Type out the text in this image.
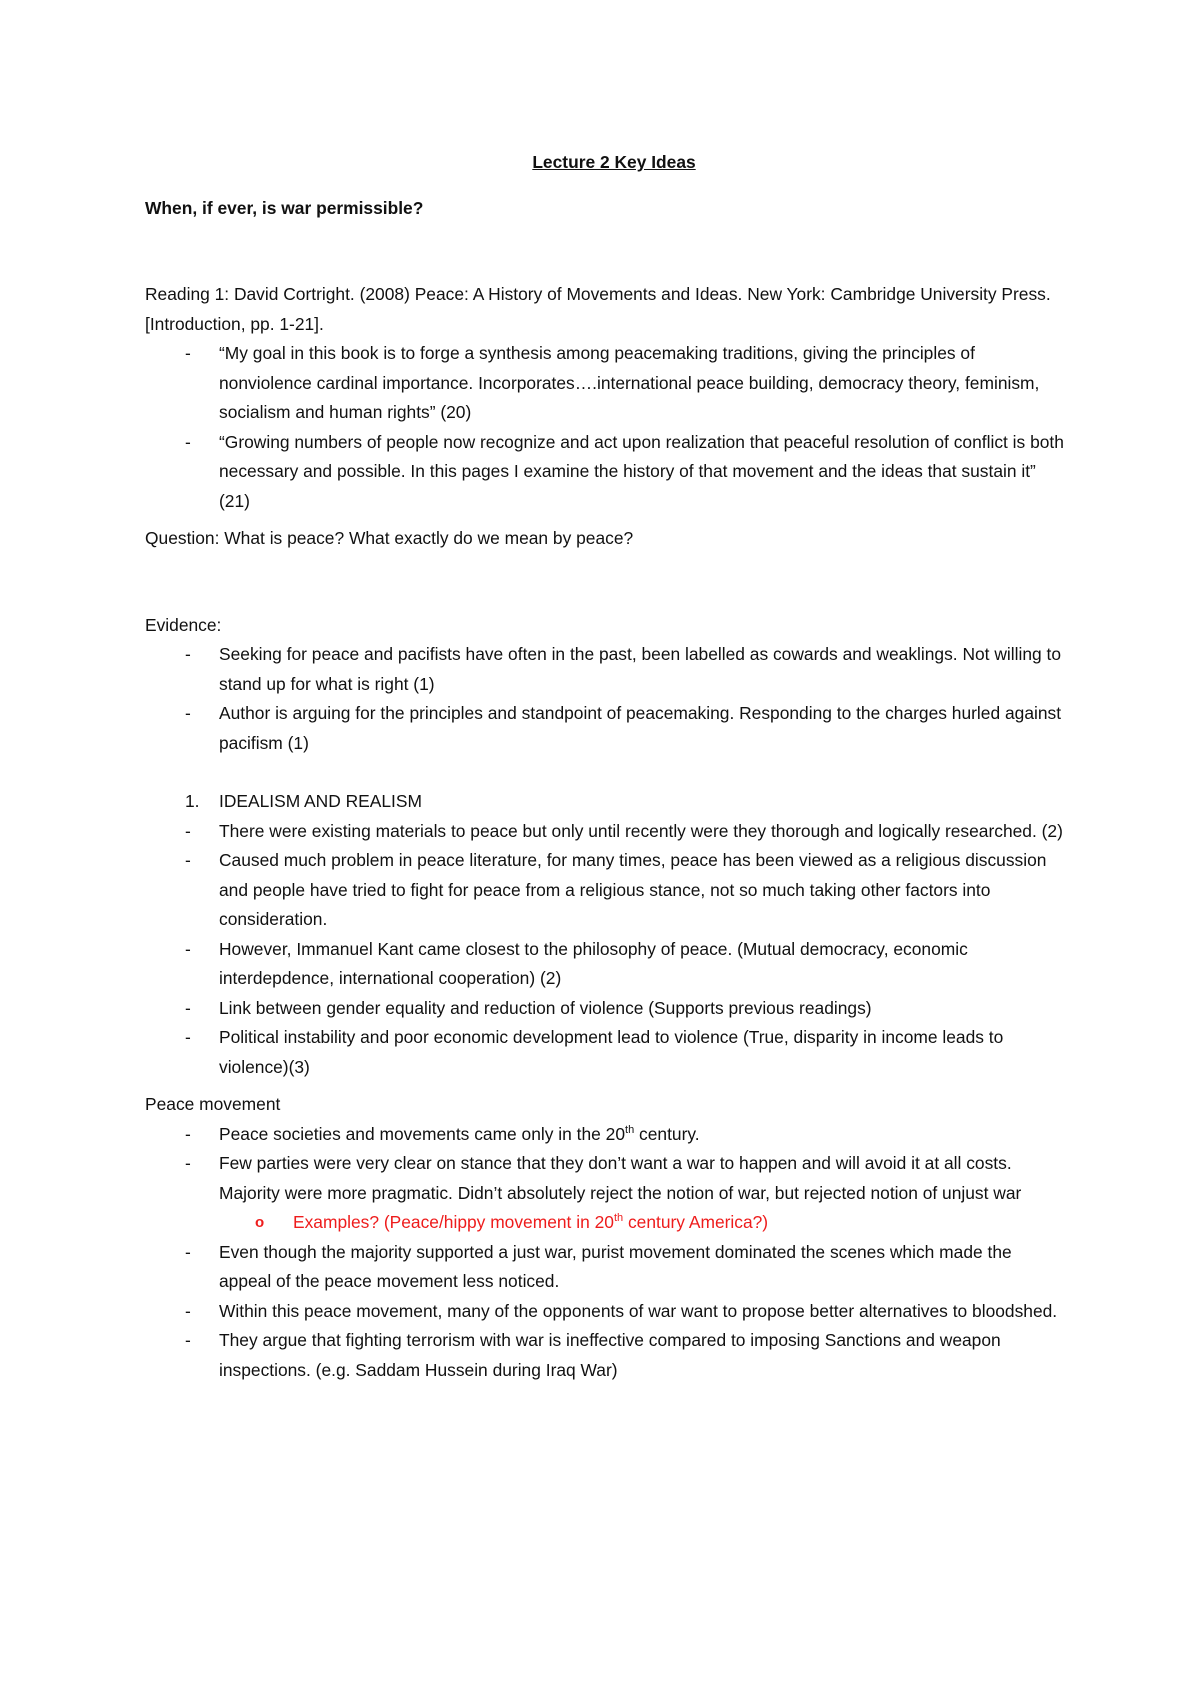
Lecture 2 Key Ideas

When, if ever, is war permissible?

Reading 1: David Cortright. (2008) Peace: A History of Movements and Ideas. New York: Cambridge University Press. [Introduction, pp. 1-21].

- “My goal in this book is to forge a synthesis among peacemaking traditions, giving the principles of nonviolence cardinal importance. Incorporates….international peace building, democracy theory, feminism, socialism and human rights” (20)
- “Growing numbers of people now recognize and act upon realization that peaceful resolution of conflict is both necessary and possible. In this pages I examine the history of that movement and the ideas that sustain it” (21)

Question: What is peace? What exactly do we mean by peace?

Evidence:

- Seeking for peace and pacifists have often in the past, been labelled as cowards and weaklings. Not willing to stand up for what is right (1)
- Author is arguing for the principles and standpoint of peacemaking. Responding to the charges hurled against pacifism (1)
1. IDEALISM AND REALISM
- There were existing materials to peace but only until recently were they thorough and logically researched. (2)
- Caused much problem in peace literature, for many times, peace has been viewed as a religious discussion and people have tried to fight for peace from a religious stance, not so much taking other factors into consideration.
- However, Immanuel Kant came closest to the philosophy of peace. (Mutual democracy, economic interdepdence, international cooperation) (2)
- Link between gender equality and reduction of violence (Supports previous readings)
- Political instability and poor economic development lead to violence (True, disparity in income leads to violence)(3)

Peace movement

- Peace societies and movements came only in the 20th century.
- Few parties were very clear on stance that they don’t want a war to happen and will avoid it at all costs. Majority were more pragmatic. Didn’t absolutely reject the notion of war, but rejected notion of unjust war
o Examples? (Peace/hippy movement in 20th century America?)
- Even though the majority supported a just war, purist movement dominated the scenes which made the appeal of the peace movement less noticed.
- Within this peace movement, many of the opponents of war want to propose better alternatives to bloodshed.
- They argue that fighting terrorism with war is ineffective compared to imposing Sanctions and weapon inspections. (e.g. Saddam Hussein during Iraq War)
